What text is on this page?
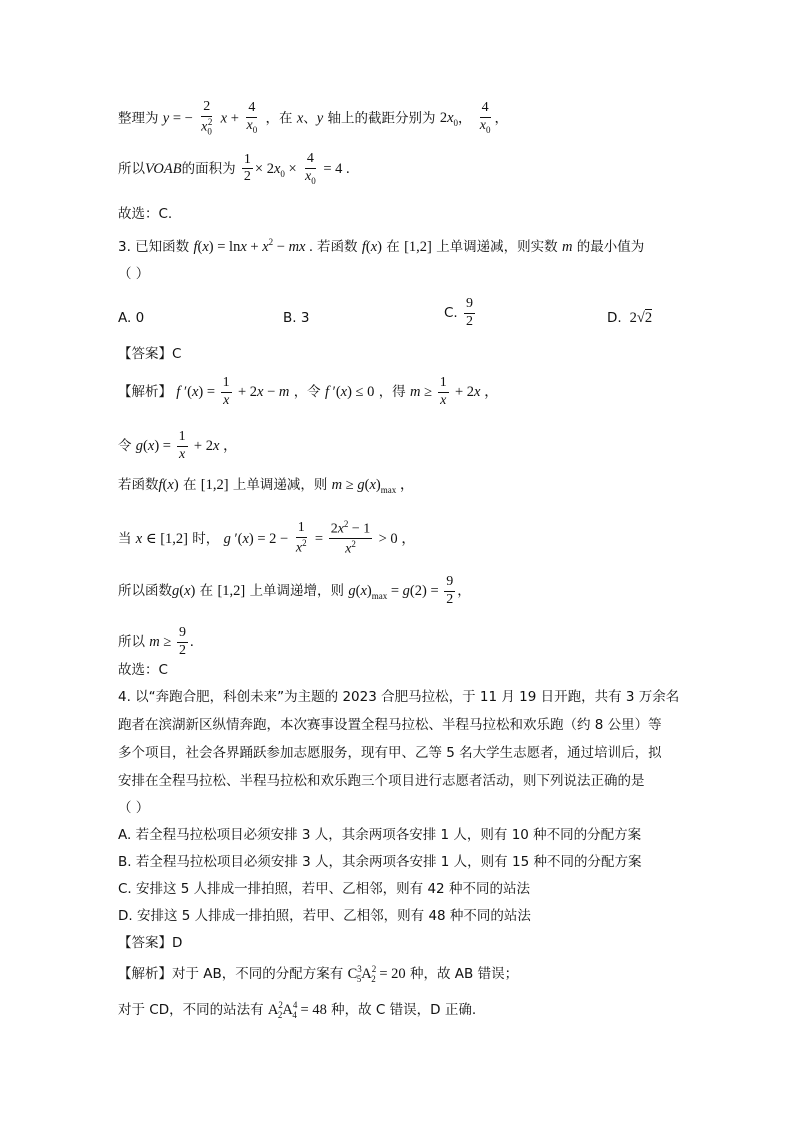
整理为 y = − $\frac{2}{x_0^2}$ $x + \frac{4}{x_0}$ ，在 x、y 轴上的截距分别为 $2x_0$， $\frac{4}{x_0}$ ，
所以VOAB的面积为 $\frac{1}{2} \times 2x_0 \times \frac{4}{x_0} = 4$ .
故选：C.
3. 已知函数 $f(x) = \ln x + x^2$ − mx . 若函数 f(x) 在 [1,2] 上单调递减，则实数 m 的最小值为
（ ）
A. 0	B. 3	C. $\frac{9}{2}$	D.  2√2
【答案】C
【解析】 f $'(x) = \frac{1}{x} + 2x - m$ ，令 f ′(x) ≤ 0 ，得 $m \ge \frac{1}{x} + 2x$ ，
令 $g(x) = \frac{1}{x} + 2x$ ，
若函数f(x) 在 [1,2] 上单调递减，则 $m \ge g(x)_{max}$ ，
当 x ∈ [1,2] 时， g $'(x) = 2 - \frac{1}{x^2} = \frac{2x^2 - 1}{x^2} > 0$ ，
所以函数g(x) 在 [1,2] 上单调递增，则 $g(x)_{max} = g(2) = \frac{9}{2}$ ，
所以 $m \ge \frac{9}{2}$ .
故选：C
4. 以“奔跑合肥，科创未来”为主题的 2023 合肥马拉松，于 11 月 19 日开跑，共有 3 万余名
跑者在滨湖新区纵情奔跑，本次赛事设置全程马拉松、半程马拉松和欢乐跑（约 8 公里）等
多个项目，社会各界踊跃参加志愿服务，现有甲、乙等 5 名大学生志愿者，通过培训后，拟
安排在全程马拉松、半程马拉松和欢乐跑三个项目进行志愿者活动，则下列说法正确的是
（ ）
A. 若全程马拉松项目必须安排 3 人，其余两项各安排 1 人，则有 10 种不同的分配方案
B. 若全程马拉松项目必须安排 3 人，其余两项各安排 1 人，则有 15 种不同的分配方案
C. 安排这 5 人排成一排拍照，若甲、乙相邻，则有 42 种不同的站法
D. 安排这 5 人排成一排拍照，若甲、乙相邻，则有 48 种不同的站法
【答案】D
【解析】对于 AB，不同的分配方案有 $C^3_5A^2_2 = 20$ 种，故 AB 错误；
对于 CD，不同的站法有 $A^2_2A^4_4 = 48$ 种，故 C 错误，D 正确.
